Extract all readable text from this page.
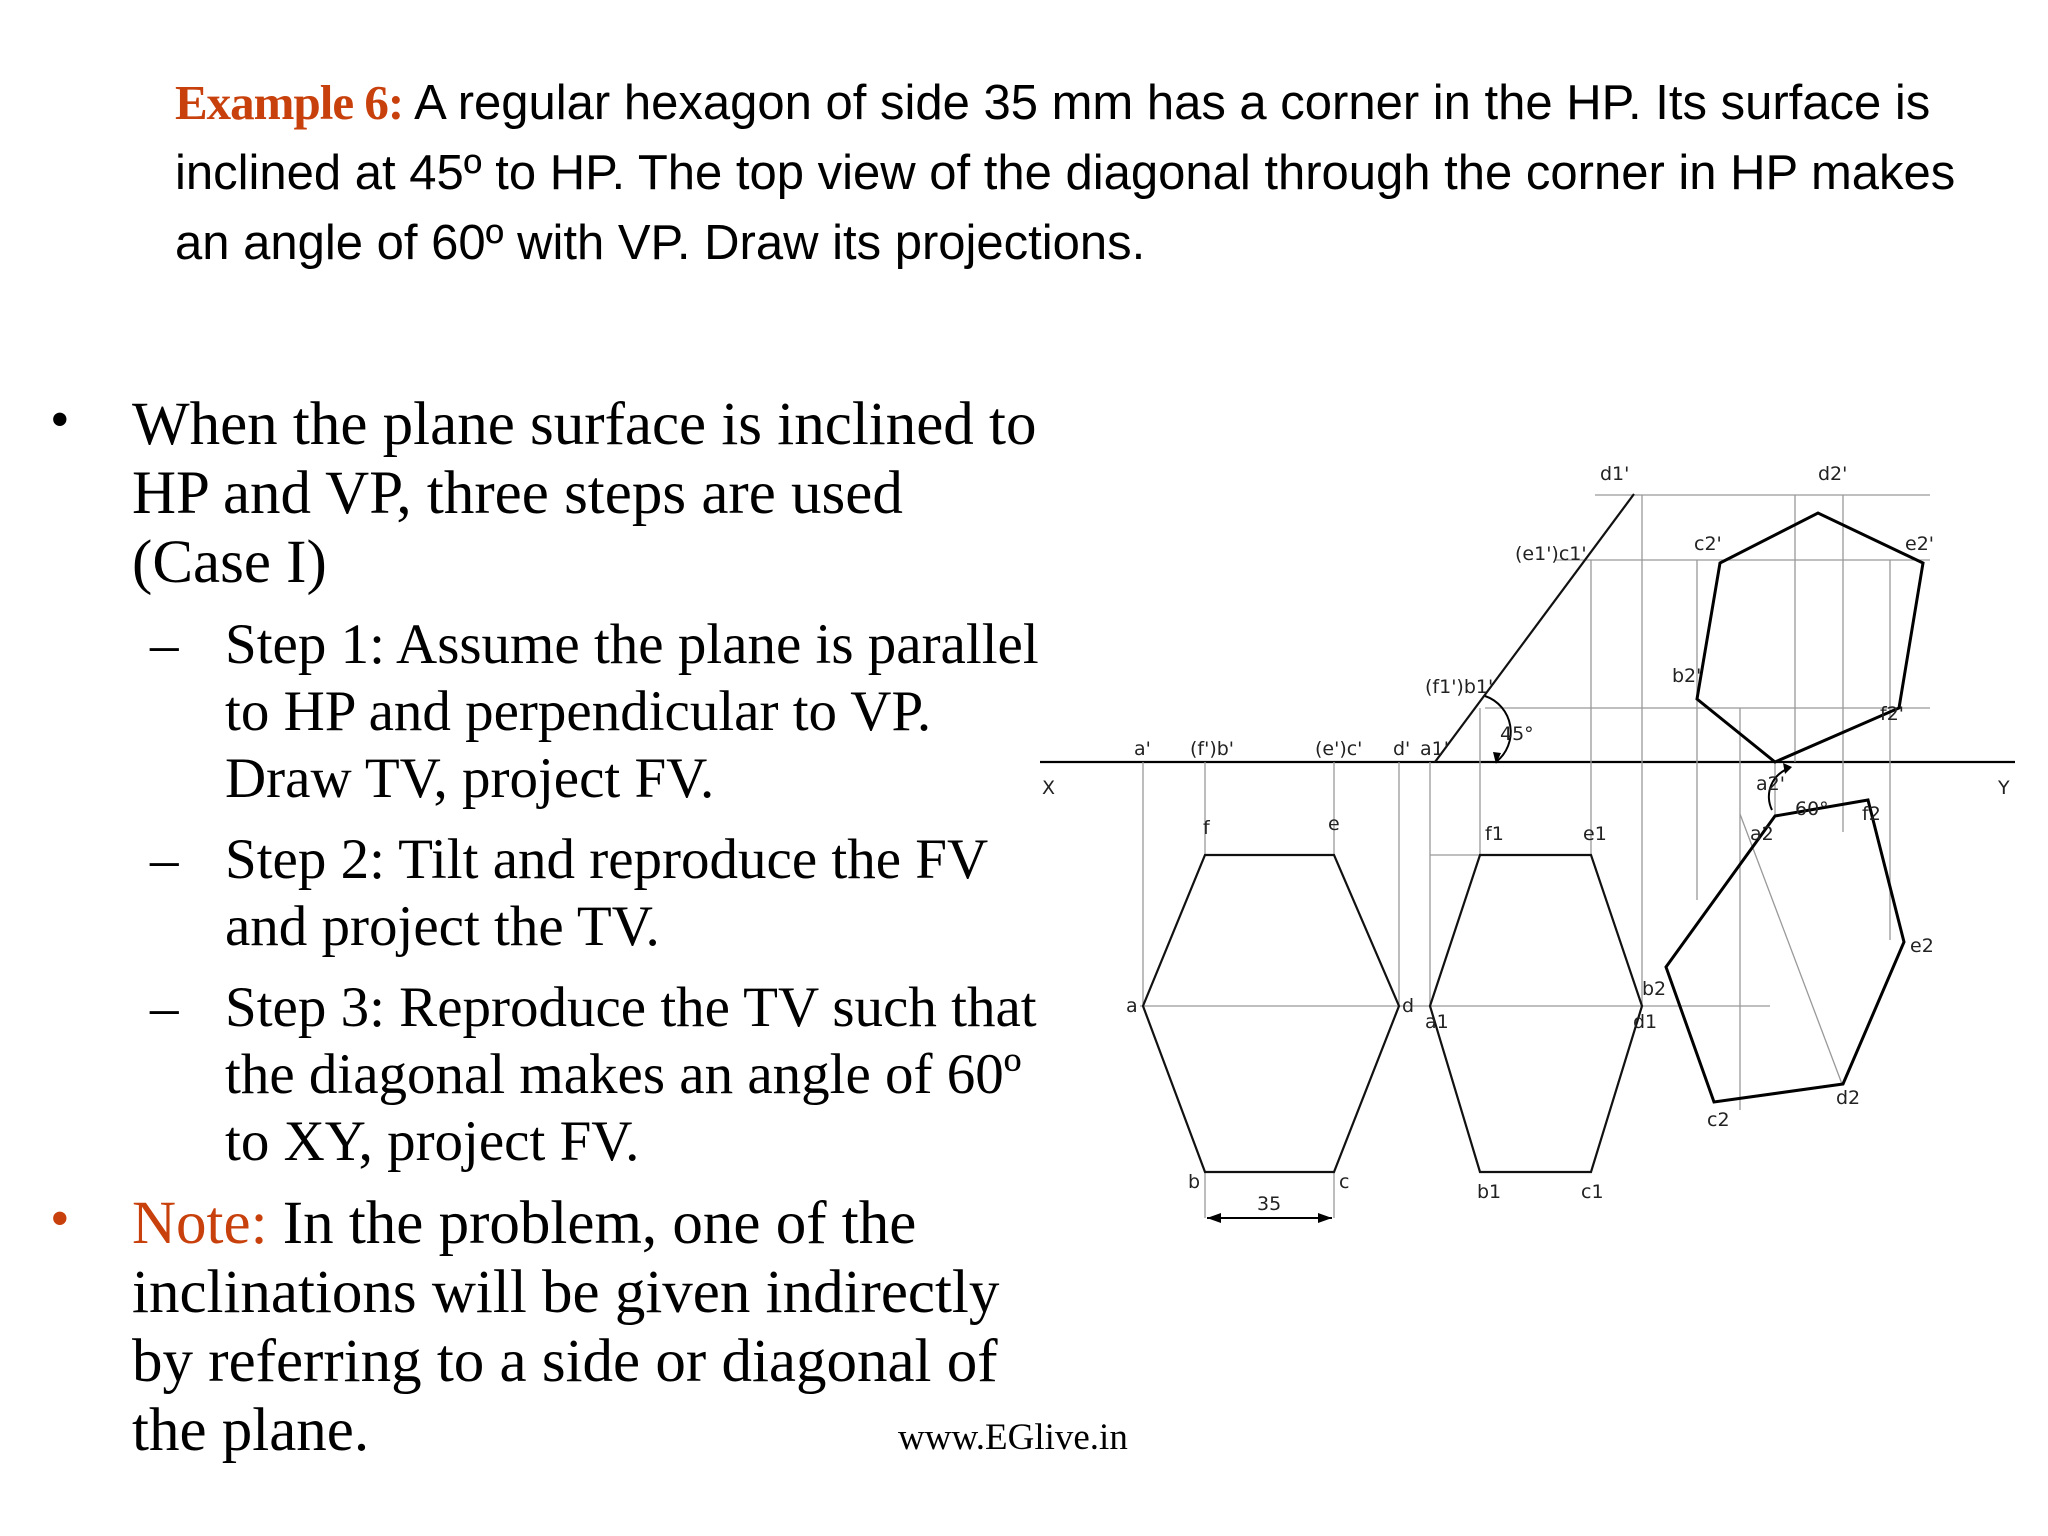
Example 6: A regular hexagon of side 35 mm has a corner in the HP. Its surface is inclined at 45º to HP. The top view of the diagonal through the corner in HP makes an angle of 60º with VP. Draw its projections.
• When the plane surface is inclined to HP and VP, three steps are used (Case I)
– Step 1: Assume the plane is parallel to HP and perpendicular to VP. Draw TV, project FV.
– Step 2: Tilt and reproduce the FV and project the TV.
– Step 3: Reproduce the TV such that the diagonal makes an angle of 60º to XY, project FV.
• Note: In the problem, one of the inclinations will be given indirectly by referring to a side or diagonal of the plane.	www.EGlive.in
X	Y
45°
60°
35
a' (f')b'	(e')c' d' a1'
(f1')b1'
(e1')c1'
d1'
a2'
b2'
c2'
d2'
e2'
f2'
a
b	c
d
e
f
a1
b1	c1
d1
e1
f1	a2
b2
c2
d2
e2
f2
